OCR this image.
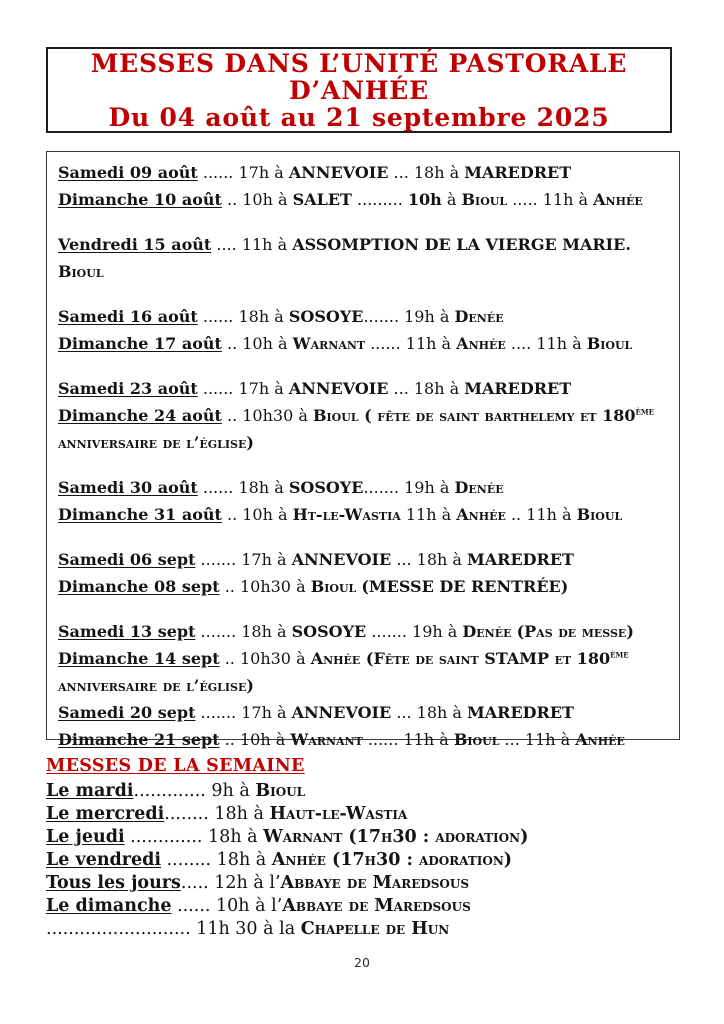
MESSES DANS L’UNITÉ PASTORALE
D’ANHÉE
Du 04 août au 21 septembre 2025
Samedi 09 août ...... 17h à ANNEVOIE ... 18h à MAREDRET
Dimanche 10 août .. 10h à SALET ......... 10h à Bioul ..... 11h à Anhée
Vendredi 15 août .... 11h à ASSOMPTION DE LA VIERGE MARIE. Bioul
Samedi 16 août ...... 18h à SOSOYE....... 19h à Denée
Dimanche 17 août .. 10h à Warnant ...... 11h à Anhée .... 11h à Bioul
Samedi 23 août ...... 17h à ANNEVOIE ... 18h à MAREDRET
Dimanche 24 août .. 10h30 à Bioul ( fête de saint barthelemy et 180ème anniversaire de l’église)
Samedi 30 août ...... 18h à SOSOYE....... 19h à Denée
Dimanche 31 août .. 10h à Ht-le-Wastia 11h à Anhée .. 11h à Bioul
Samedi 06 sept ....... 17h à ANNEVOIE ... 18h à MAREDRET
Dimanche 08 sept .. 10h30 à Bioul (MESSE DE RENTRÉE)
Samedi 13 sept ....... 18h à SOSOYE ....... 19h à Denée (Pas de messe)
Dimanche 14 sept .. 10h30 à Anhée (Fête de saint STAMP et 180ème anniversaire de l’église)
Samedi 20 sept ....... 17h à ANNEVOIE ... 18h à MAREDRET
Dimanche 21 sept .. 10h à Warnant ...... 11h à Bioul ... 11h à Anhée
MESSES DE LA SEMAINE
Le mardi............. 9h à Bioul
Le mercredi........ 18h à Haut-le-Wastia
Le jeudi ............. 18h à Warnant (17h30 : adoration)
Le vendredi ........ 18h à Anhée (17h30 : adoration)
Tous les jours..... 12h à l’Abbaye de Maredsous
Le dimanche ...... 10h à l’Abbaye de Maredsous
.......................... 11h 30 à la Chapelle de Hun
20
